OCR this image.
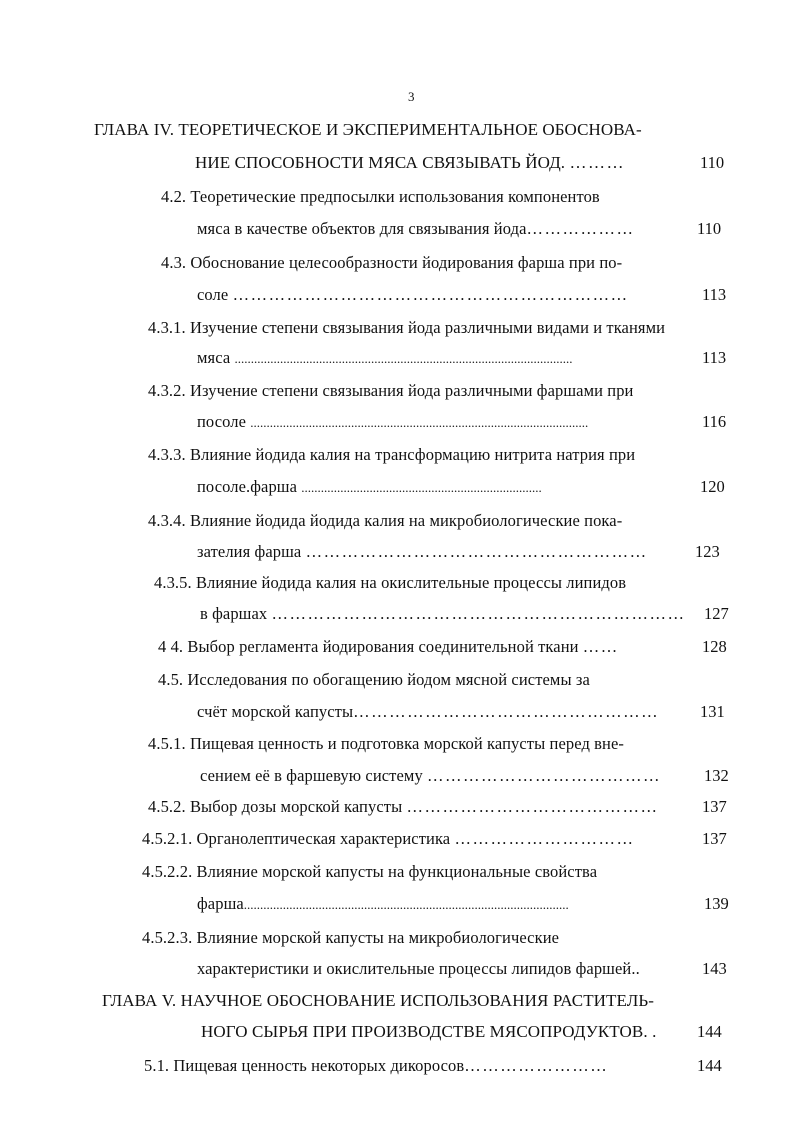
3
ГЛАВА IV. ТЕОРЕТИЧЕСКОЕ И ЭКСПЕРИМЕНТАЛЬНОЕ ОБОСНОВА-
НИЕ СПОСОБНОСТИ МЯСА СВЯЗЫВАТЬ ЙОД. ………	110
4.2. Теоретические предпосылки использования компонентов
мяса в качестве объектов для связывания йода………………	110
4.3. Обоснование целесообразности йодирования фарша при по-
соле …………………………………………………………	113
4.3.1. Изучение степени связывания йода различными видами и тканями
мяса ........................................................................................................	113
4.3.2. Изучение степени связывания йода различными фаршами при
посоле ........................................................................................................	116
4.3.3. Влияние йодида калия на трансформацию нитрита натрия при
посоле.фарша ..........................................................................	120
4.3.4. Влияние йодида йодида калия на микробиологические пока-
зателия фарша …………………………………………………	123
4.3.5. Влияние йодида калия на окислительные процессы липидов
в фаршах …………………………………………………………… 127
4 4. Выбор регламента йодирования соединительной ткани ……	128
4.5. Исследования по обогащению йодом мясной системы за
счёт морской капусты…………………………………………… 131
4.5.1. Пищевая ценность и подготовка морской капусты перед вне-
сением её в фаршевую систему …………………………………	132
4.5.2. Выбор дозы морской капусты ……………………………………	137
4.5.2.1. Органолептическая характеристика …………………………	137
4.5.2.2. Влияние морской капусты на функциональные свойства
фарша....................................................................................................	139
4.5.2.3. Влияние морской капусты на микробиологические
характеристики и окислительные процессы липидов фаршей..	143
ГЛАВА V. НАУЧНОЕ ОБОСНОВАНИЕ ИСПОЛЬЗОВАНИЯ РАСТИТЕЛЬ-
НОГО СЫРЬЯ ПРИ ПРОИЗВОДСТВЕ МЯСОПРОДУКТОВ. . 144
5.1. Пищевая ценность некоторых дикоросов……………………	144
